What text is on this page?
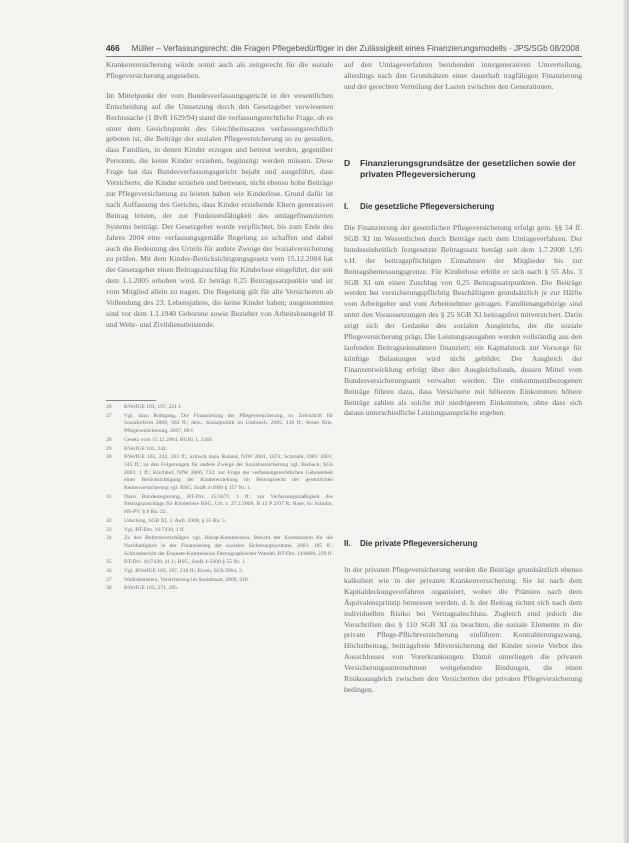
466 Müller – Verfassungsrecht: die Fragen Pflegebedürftiger in der Zulässigkeit eines Finanzierungsmodells · JPS/SGb 08/2008

Krankenversicherung würde somit auch als zeitgerecht für die soziale Pflegeversicherung angesehen.

Im Mittelpunkt der vom Bundesverfassungsgericht in der wesentlichen Entscheidung auf die Umsetzung durch den Gesetzgeber verwiesenen Rechtssache (1 BvR 1629/94) stand die verfassungsrechtliche Frage, ob es unter dem Gesichtspunkt des Gleichheitssatzes verfassungsrechtlich geboten ist, die Beiträge der sozialen Pflegeversicherung so zu gestalten, dass Familien, in denen Kinder erzogen und betreut werden, gegenüber Personen, die keine Kinder erziehen, begünstigt werden müssen. Diese Frage hat das Bundesverfassungsgericht bejaht und ausgeführt, dass Versicherte, die Kinder erziehen und betreuen, nicht ebenso hohe Beiträge zur Pflegeversicherung zu leisten haben wie Kinderlose. Grund dafür ist nach Auffassung des Gerichts, dass Kinder erziehende Eltern generativen Beitrag leisten, der zur Funktionsfähigkeit des umlagefinanzierten Systems beiträgt. Der Gesetzgeber wurde verpflichtet, bis zum Ende des Jahres 2004 eine verfassungsgemäße Regelung zu schaffen und dabei auch die Bedeutung des Urteils für andere Zweige der Sozialversicherung zu prüfen. Mit dem Kinder-Berücksichtigungsgesetz vom 15.12.2004 hat der Gesetzgeber einen Beitragszuschlag für Kinderlose eingeführt, der seit dem 1.1.2005 erhoben wird. Er beträgt 0,25 Beitragssatzpunkte und ist vom Mitglied allein zu tragen. Die Regelung gilt für alle Versicherten ab Vollendung des 23. Lebensjahres, die keine Kinder haben; ausgenommen sind vor dem 1.1.1940 Geborene sowie Bezieher von Arbeitslosengeld II und Wehr- und Zivildienstleistende.

auf den Umlageverfahren beruhenden intergenerativen Umverteilung, allerdings nach den Grundsätzen einer dauerhaft tragfähigen Finanzierung und der gerechten Verteilung der Lasten zwischen den Generationen.

D Finanzierungsgrundsätze der gesetzlichen sowie der privaten Pflegeversicherung
I. Die gesetzliche Pflegeversicherung

Die Finanzierung der gesetzlichen Pflegeversicherung erfolgt gem. §§ 54 ff. SGB XI im Wesentlichen durch Beiträge nach dem Umlageverfahren. Der bundeseinheitlich festgesetzte Beitragssatz beträgt seit dem 1.7.2008 1,95 v.H. der beitragspflichtigen Einnahmen der Mitglieder bis zur Beitragsbemessungsgrenze. Für Kinderlose erhöht er sich nach § 55 Abs. 3 SGB XI um einen Zuschlag von 0,25 Beitragssatzpunkten. Die Beiträge werden bei versicherungspflichtig Beschäftigten grundsätzlich je zur Hälfte vom Arbeitgeber und vom Arbeitnehmer getragen. Familienangehörige sind unter den Voraussetzungen des § 25 SGB XI beitragsfrei mitversichert. Darin zeigt sich der Gedanke des sozialen Ausgleichs, der die soziale Pflegeversicherung prägt. Die Leistungsausgaben werden vollständig aus den laufenden Beitragseinnahmen finanziert; ein Kapitalstock zur Vorsorge für künftige Belastungen wird nicht gebildet. Der Ausgleich der Finanzentwicklung erfolgt über den Ausgleichsfonds, dessen Mittel vom Bundesversicherungsamt verwaltet werden. Die einkommensbezogenen Beiträge führen dazu, dass Versicherte mit höherem Einkommen höhere Beiträge zahlen als solche mit niedrigerem Einkommen, ohne dass sich daraus unterschiedliche Leistungsansprüche ergeben.

II. Die private Pflegeversicherung

In der privaten Pflegeversicherung werden die Beiträge grundsätzlich ebenso kalkuliert wie in der privaten Krankenversicherung. Sie ist nach dem Kapitaldeckungsverfahren organisiert, wobei die Prämien nach dem Äquivalenzprinzip bemessen werden, d. h. der Beitrag richtet sich nach dem individuellen Risiko bei Vertragsabschluss. Zugleich sind jedoch die Vorschriften des § 110 SGB XI zu beachten, die soziale Elemente in die private Pflege-Pflichtversicherung einführen: Kontrahierungszwang, Höchstbeitrag, beitragsfreie Mitversicherung der Kinder sowie Verbot des Ausschlusses von Vorerkrankungen. Damit unterliegen die privaten Versicherungsunternehmen weitgehenden Bindungen, die einen Risikoausgleich zwischen den Versicherten der privaten Pflegeversicherung bedingen.

26 BVerfGE 103, 197, 221 f.
27 Vgl. dazu Rothgang, Die Finanzierung der Pflegeversicherung, in: Zeitschrift für Sozialreform 2006, 363 ff.; ders., Sozialpolitik im Umbruch, 2005, 118 ff.; ferner Klie, Pflegeversicherung, 2007, 89 f.
28 Gesetz vom 15.12.2004, BGBl. I, 3448.
29 BVerfGE 103, 242.
30 BVerfGE 103, 242, 263 ff.; kritisch dazu Ruland, NJW 2001, 1673; Schmähl, DRV 2001, 345 ff.; zu den Folgerungen für andere Zweige der Sozialversicherung vgl. Bieback, SGb 2003, 1 ff.; Kirchhof, NJW 2006, 732; zur Frage der verfassungsrechtlichen Gebotenheit einer Berücksichtigung der Kindererziehung im Beitragsrecht der gesetzlichen Rentenversicherung vgl. BSG, SozR 4-2600 § 157 Nr. 1.
31 Dazu Bundesregierung, BT-Drs. 15/3671, 1 ff.; zur Verfassungsmäßigkeit des Beitragszuschlags für Kinderlose BSG, Urt. v. 27.2.2008, B 12 P 2/07 R; Hase, in: Schulin, HS-PV, § 8 Rn. 22.
32 Udsching, SGB XI, 3. Aufl. 2008, § 55 Rn. 5.
33 Vgl. BT-Drs. 16/7439, 1 ff.
34 Zu den Reformvorschlägen vgl. Rürup-Kommission, Bericht der Kommission für die Nachhaltigkeit in der Finanzierung der sozialen Sicherungssysteme, 2003, 185 ff.; Schlussbericht der Enquete-Kommission Demographischer Wandel, BT-Drs. 14/8800, 229 ff.
35 BT-Drs. 16/7439, 41 f.; BSG, SozR 4-3300 § 55 Nr. 1.
36 Vgl. BVerfGE 103, 197, 218 ff.; Rixen, SGb 2004, 3.
37 Wallrabenstein, Versicherung im Sozialstaat, 2009, 218.
38 BVerfGE 103, 271, 285.
